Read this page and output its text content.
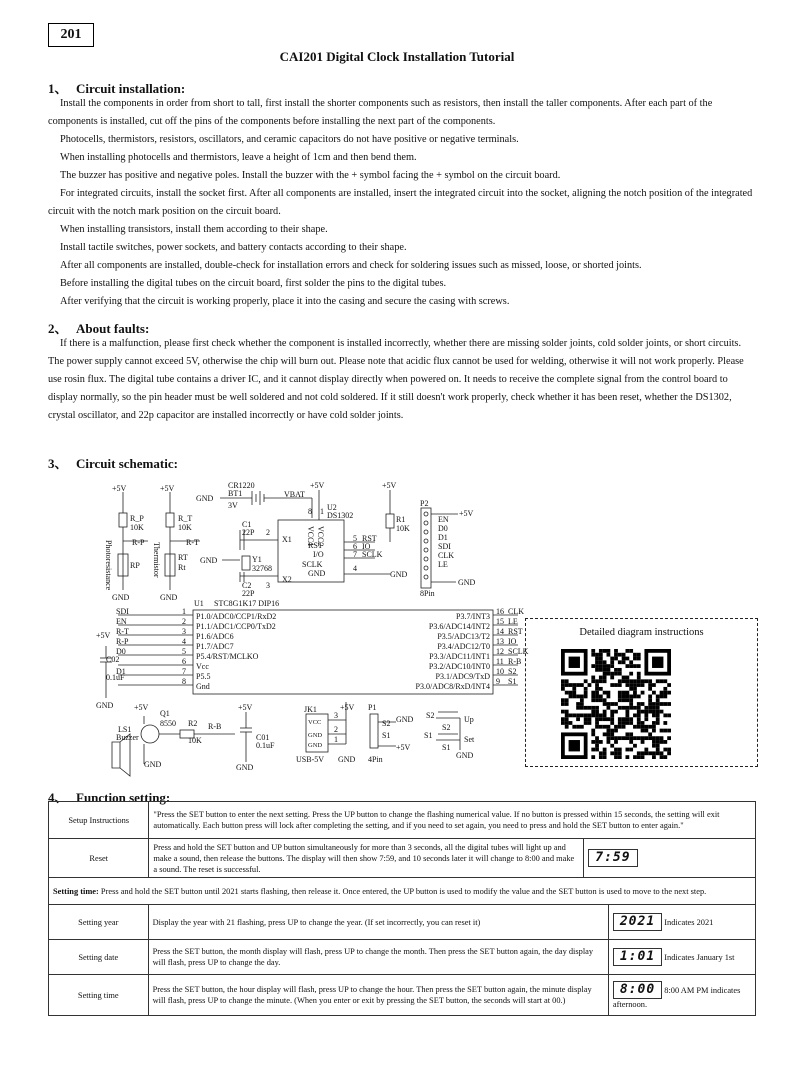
201
CAI201 Digital Clock Installation Tutorial
1、 Circuit installation:
Install the components in order from short to tall, first install the shorter components such as resistors, then install the taller components. After each part of the components is installed, cut off the pins of the components before installing the next part of the components.
Photocells, thermistors, resistors, oscillators, and ceramic capacitors do not have positive or negative terminals.
When installing photocells and thermistors, leave a height of 1cm and then bend them.
The buzzer has positive and negative poles. Install the buzzer with the + symbol facing the + symbol on the circuit board.
For integrated circuits, install the socket first. After all components are installed, insert the integrated circuit into the socket, aligning the notch position of the integrated circuit with the notch mark position on the circuit board.
When installing transistors, install them according to their shape.
Install tactile switches, power sockets, and battery contacts according to their shape.
After all components are installed, double-check for installation errors and check for soldering issues such as missed, loose, or shorted joints.
Before installing the digital tubes on the circuit board, first solder the pins to the digital tubes.
After verifying that the circuit is working properly, place it into the casing and secure the casing with screws.
2、 About faults:
If there is a malfunction, please first check whether the component is installed incorrectly, whether there are missing solder joints, cold solder joints, or short circuits. The power supply cannot exceed 5V, otherwise the chip will burn out. Please note that acidic flux cannot be used for welding, otherwise it will not work properly. Please use rosin flux. The digital tube contains a driver IC, and it cannot display directly when powered on. It needs to receive the complete signal from the control board to display normally, so the pin header must be well soldered and not cold soldered. If it still doesn't work properly, check whether it has been reset, whether the DS1302, crystal oscillator, and 22p capacitor are installed incorrectly or have cold solder joints.
3、 Circuit schematic:
+5V	+5V
R_P
10K
R-P
RP
Photoresistance
R_T
10K
R-T
RT
Rt
Thermistor
GND	GND
CR1220
BT1
3V
GND	VBAT
+5V
U2
DS1302
8 1
VCC1 VCC2
RST
I/O
SCLK
GND
5 RST
6 IO
7 SCLK
4
GND
C1
22P 2
X1
GND	Y1
32768
X2
C2 3
22P
+5V
R1
10K
P2
+5V
EN
D0
D1
SDI
CLK
LE
GND
8Pin
U1 STC8G1K17 DIP16
SDI
EN
R-T
R-P
D0
D1
1
2
3
4
5
6
7
8
P1.0/ADC0/CCP1/RxD2
P1.1/ADC1/CCP0/TxD2
P1.6/ADC6
P1.7/ADC7
P5.4/RST/MCLKO
Vcc
P5.5
Gnd
P3.7/INT3
P3.6/ADC14/INT2
P3.5/ADC13/T2
P3.4/ADC12/T0
P3.3/ADC11/INT1
P3.2/ADC10/INT0
P3.1/ADC9/TxD
P3.0/ADC8/RxD/INT4
16
15
14
13
12
11
10
9
CLK
LE
RST
IO
SCLK
R-B
S2
S1
+5V
C02
0.1uF
GND	+5V
Q1
8550 R2 R-B
10K
LS1
Buzzer
GND
+5V
C01
0.1uF
GND
JK1
VCC
GND
GND
3
2
1
+5V
USB-5V GND
P1
S2
S1
GND
+5V
4Pin
S2	Up
S2
S1	Set
S1
GND
Detailed diagram instructions
4、 Function setting:
Setup Instructions	"Press the SET button to enter the next setting. Press the UP button to change the flashing numerical value. If no button is pressed within 15 seconds, the setting will exit automatically. Each button press will lock after completing the setting, and if you need to set again, you need to press and hold the SET button to enter again."	
Reset	Press and hold the SET button and UP button simultaneously for more than 3 seconds, all the digital tubes will light up and make a sound, then release the buttons. The display will then show 7:59, and 10 seconds later it will change to 8:00 and make a sound. The reset is successful.	7:59
Setting time: Press and hold the SET button until 2021 starts flashing, then release it. Once entered, the UP button is used to modify the value and the SET button is used to move to the next step.		
Setting year	Display the year with 21 flashing, press UP to change the year. (If set incorrectly, you can reset it)	2021 Indicates 2021
Setting date	Press the SET button, the month display will flash, press UP to change the month. Then press the SET button again, the day display will flash, press UP to change the day.	1:01 Indicates January 1st
Setting time	Press the SET button, the hour display will flash, press UP to change the hour. Then press the SET button again, the minute display will flash, press UP to change the minute. (When you enter or exit by pressing the SET button, the seconds will start at 00.)	8:00 8:00 AM PM indicates afternoon.
